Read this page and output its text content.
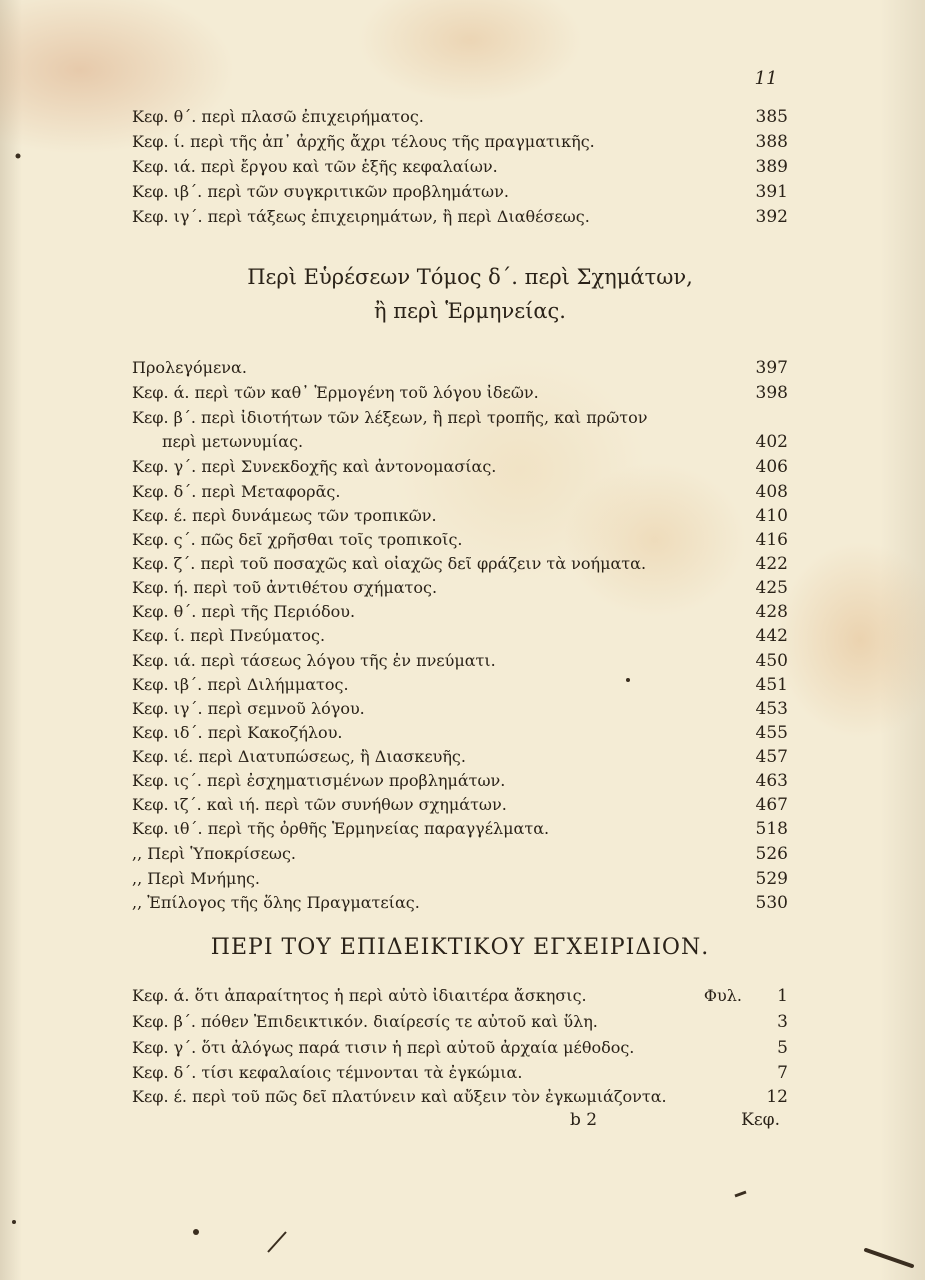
11
Κεφ. θ΄. περὶ πλασῶ ἐπιχειρήματος.	385
Κεφ. ί. περὶ τῆς ἀπ᾽ ἀρχῆς ἄχρι τέλους τῆς πραγματικῆς.	388
Κεφ. ιά. περὶ ἔργου καὶ τῶν ἑξῆς κεφαλαίων.	389
Κεφ. ιβ΄. περὶ τῶν συγκριτικῶν προβλημάτων.	391
Κεφ. ιγ΄. περὶ τάξεως ἐπιχειρημάτων, ἢ περὶ Διαθέσεως.	392
Περὶ Εὑρέσεων Τόμος δ΄. περὶ Σχημάτων,
ἢ περὶ Ἑρμηνείας.
Προλεγόμενα.	397
Κεφ. ά. περὶ τῶν καθ᾽ Ἑρμογένη τοῦ λόγου ἰδεῶν.	398
Κεφ. β΄. περὶ ἰδιοτήτων τῶν λέξεων, ἢ περὶ τροπῆς, καὶ πρῶτον
περὶ μετωνυμίας.	402
Κεφ. γ΄. περὶ Συνεκδοχῆς καὶ ἀντονομασίας.	406
Κεφ. δ΄. περὶ Μεταφορᾶς.	408
Κεφ. έ. περὶ δυνάμεως τῶν τροπικῶν.	410
Κεφ. ς΄. πῶς δεῖ χρῆσθαι τοῖς τροπικοῖς.	416
Κεφ. ζ΄. περὶ τοῦ ποσαχῶς καὶ οἰαχῶς δεῖ φράζειν τὰ νοήματα.	422
Κεφ. ή. περὶ τοῦ ἀντιθέτου σχήματος.	425
Κεφ. θ΄. περὶ τῆς Περιόδου.	428
Κεφ. ί. περὶ Πνεύματος.	442
Κεφ. ιά. περὶ τάσεως λόγου τῆς ἐν πνεύματι.	450
Κεφ. ιβ΄. περὶ Διλήμματος.	451
Κεφ. ιγ΄. περὶ σεμνοῦ λόγου.	453
Κεφ. ιδ΄. περὶ Κακοζήλου.	455
Κεφ. ιέ. περὶ Διατυπώσεως, ἢ Διασκευῆς.	457
Κεφ. ις΄. περὶ ἐσχηματισμένων προβλημάτων.	463
Κεφ. ιζ΄. καὶ ιή. περὶ τῶν συνήθων σχημάτων.	467
Κεφ. ιθ΄. περὶ τῆς ὀρθῆς Ἑρμηνείας παραγγέλματα.	518
,, Περὶ Ὑποκρίσεως.	526
,, Περὶ Μνήμης.	529
,, Ἐπίλογος τῆς ὅλης Πραγματείας.	530
ΠΕΡΙ ΤΟΥ ΕΠΙΔΕΙΚΤΙΚΟΥ ΕΓΧΕΙΡΙΔΙΟΝ.
Κεφ. ά. ὅτι ἀπαραίτητος ἡ περὶ αὐτὸ ἰδιαιτέρα ἄσκησις.	Φυλ.	1
Κεφ. β΄. πόθεν Ἐπιδεικτικόν. διαίρεσίς τε αὐτοῦ καὶ ὕλη.	3
Κεφ. γ΄. ὅτι ἀλόγως παρά τισιν ἡ περὶ αὐτοῦ ἀρχαία μέθοδος.	5
Κεφ. δ΄. τίσι κεφαλαίοις τέμνονται τὰ ἐγκώμια.	7
Κεφ. έ. περὶ τοῦ πῶς δεῖ πλατύνειν καὶ αὔξειν τὸν ἐγκωμιάζοντα.	12
b 2	Κεφ.
